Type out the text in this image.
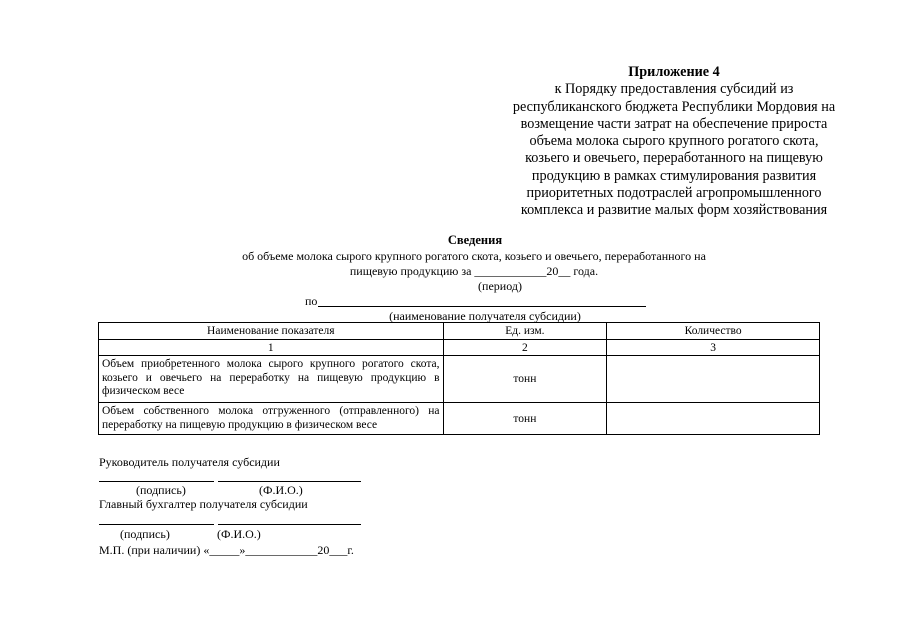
Приложение 4
к Порядку предоставления субсидий из
республиканского бюджета Республики Мордовия на
возмещение части затрат на обеспечение прироста
объема молока сырого крупного рогатого скота,
козьего и овечьего, переработанного на пищевую
продукцию в рамках стимулирования развития
приоритетных подотраслей агропромышленного
комплекса и развитие малых форм хозяйствования
Сведения
об объеме молока сырого крупного рогатого скота, козьего и овечьего, переработанного на
пищевую продукцию за ____________20__ года.
(период)
по
(наименование получателя субсидии)
Наименование показателя	Ед. изм.	Количество
1	2	3
Объем приобретенного молока сырого крупного рогатого скота, козьего и овечьего на переработку на пищевую продукцию в физическом весе	тонн	
Объем собственного молока отгруженного (отправленного) на переработку на пищевую продукцию в физическом весе	тонн	
Руководитель получателя субсидии
(подпись)	(Ф.И.О.)
Главный бухгалтер получателя субсидии
(подпись)	(Ф.И.О.)
М.П. (при наличии) «_____»____________20___г.
